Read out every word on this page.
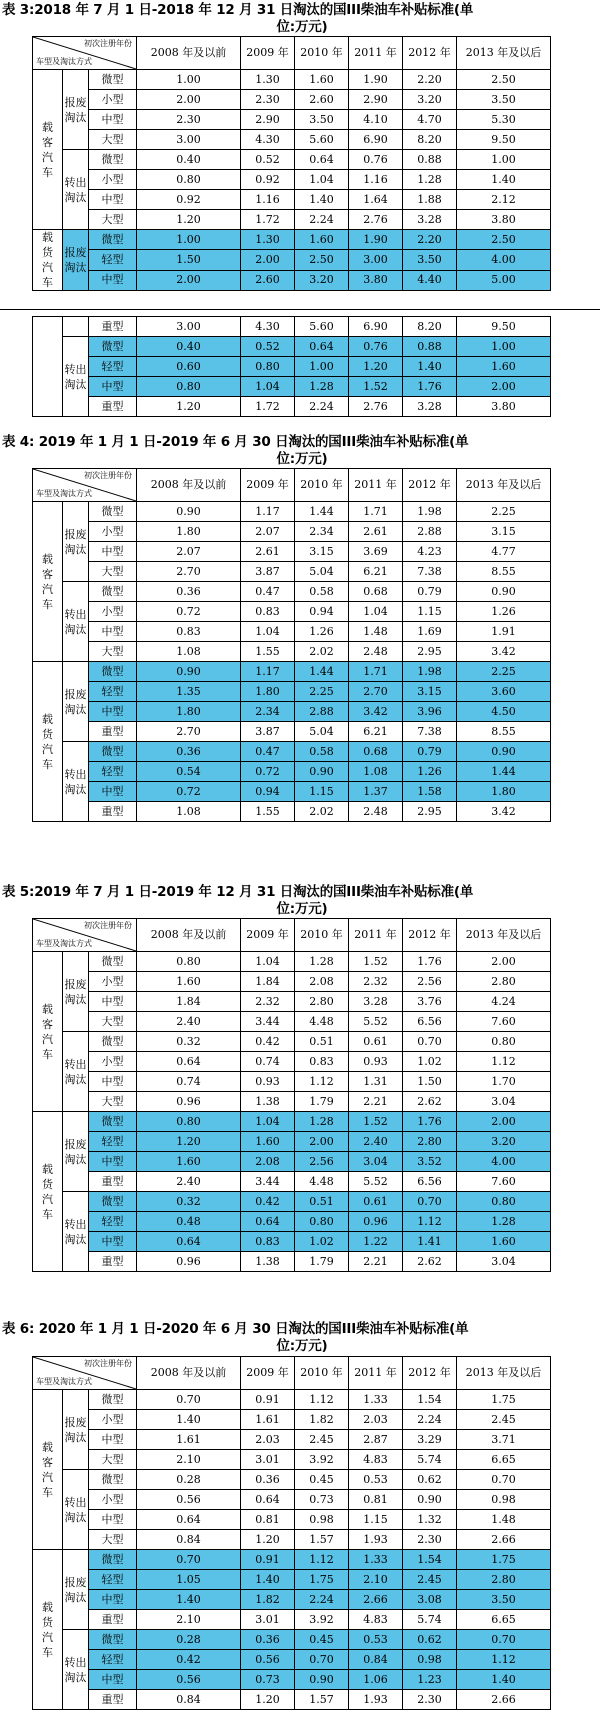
表 3:2018 年 7 月 1 日-2018 年 12 月 31 日淘汰的国III柴油车补贴标准(单
位:万元)
初次注册年份
车型及淘汰方式			2008 年及以前	2009 年	2010 年	2011 年	2012 年	2013 年及以后
载
客
汽
车	报废
淘汰	微型	1.00	1.30	1.60	1.90	2.20	2.50
		小型	2.00	2.30	2.60	2.90	3.20	3.50
		中型	2.30	2.90	3.50	4.10	4.70	5.30
		大型	3.00	4.30	5.60	6.90	8.20	9.50
	转出
淘汰	微型	0.40	0.52	0.64	0.76	0.88	1.00
		小型	0.80	0.92	1.04	1.16	1.28	1.40
		中型	0.92	1.16	1.40	1.64	1.88	2.12
		大型	1.20	1.72	2.24	2.76	3.28	3.80
载
货
汽
车	报废
淘汰	微型	1.00	1.30	1.60	1.90	2.20	2.50
		轻型	1.50	2.00	2.50	3.00	3.50	4.00
		中型	2.00	2.60	3.20	3.80	4.40	5.00
		重型	3.00	4.30	5.60	6.90	8.20	9.50
	转出
淘汰	微型	0.40	0.52	0.64	0.76	0.88	1.00
		轻型	0.60	0.80	1.00	1.20	1.40	1.60
		中型	0.80	1.04	1.28	1.52	1.76	2.00
		重型	1.20	1.72	2.24	2.76	3.28	3.80
表 4: 2019 年 1 月 1 日-2019 年 6 月 30 日淘汰的国III柴油车补贴标准(单
位:万元)
初次注册年份
车型及淘汰方式			2008 年及以前	2009 年	2010 年	2011 年	2012 年	2013 年及以后
载
客
汽
车	报废
淘汰	微型	0.90	1.17	1.44	1.71	1.98	2.25
		小型	1.80	2.07	2.34	2.61	2.88	3.15
		中型	2.07	2.61	3.15	3.69	4.23	4.77
		大型	2.70	3.87	5.04	6.21	7.38	8.55
	转出
淘汰	微型	0.36	0.47	0.58	0.68	0.79	0.90
		小型	0.72	0.83	0.94	1.04	1.15	1.26
		中型	0.83	1.04	1.26	1.48	1.69	1.91
		大型	1.08	1.55	2.02	2.48	2.95	3.42
载
货
汽
车	报废
淘汰	微型	0.90	1.17	1.44	1.71	1.98	2.25
		轻型	1.35	1.80	2.25	2.70	3.15	3.60
		中型	1.80	2.34	2.88	3.42	3.96	4.50
		重型	2.70	3.87	5.04	6.21	7.38	8.55
	转出
淘汰	微型	0.36	0.47	0.58	0.68	0.79	0.90
		轻型	0.54	0.72	0.90	1.08	1.26	1.44
		中型	0.72	0.94	1.15	1.37	1.58	1.80
		重型	1.08	1.55	2.02	2.48	2.95	3.42
表 5:2019 年 7 月 1 日-2019 年 12 月 31 日淘汰的国III柴油车补贴标准(单
位:万元)
初次注册年份
车型及淘汰方式			2008 年及以前	2009 年	2010 年	2011 年	2012 年	2013 年及以后
载
客
汽
车	报废
淘汰	微型	0.80	1.04	1.28	1.52	1.76	2.00
		小型	1.60	1.84	2.08	2.32	2.56	2.80
		中型	1.84	2.32	2.80	3.28	3.76	4.24
		大型	2.40	3.44	4.48	5.52	6.56	7.60
	转出
淘汰	微型	0.32	0.42	0.51	0.61	0.70	0.80
		小型	0.64	0.74	0.83	0.93	1.02	1.12
		中型	0.74	0.93	1.12	1.31	1.50	1.70
		大型	0.96	1.38	1.79	2.21	2.62	3.04
载
货
汽
车	报废
淘汰	微型	0.80	1.04	1.28	1.52	1.76	2.00
		轻型	1.20	1.60	2.00	2.40	2.80	3.20
		中型	1.60	2.08	2.56	3.04	3.52	4.00
		重型	2.40	3.44	4.48	5.52	6.56	7.60
	转出
淘汰	微型	0.32	0.42	0.51	0.61	0.70	0.80
		轻型	0.48	0.64	0.80	0.96	1.12	1.28
		中型	0.64	0.83	1.02	1.22	1.41	1.60
		重型	0.96	1.38	1.79	2.21	2.62	3.04
表 6: 2020 年 1 月 1 日-2020 年 6 月 30 日淘汰的国III柴油车补贴标准(单
位:万元)
初次注册年份
车型及淘汰方式			2008 年及以前	2009 年	2010 年	2011 年	2012 年	2013 年及以后
载
客
汽
车	报废
淘汰	微型	0.70	0.91	1.12	1.33	1.54	1.75
		小型	1.40	1.61	1.82	2.03	2.24	2.45
		中型	1.61	2.03	2.45	2.87	3.29	3.71
		大型	2.10	3.01	3.92	4.83	5.74	6.65
	转出
淘汰	微型	0.28	0.36	0.45	0.53	0.62	0.70
		小型	0.56	0.64	0.73	0.81	0.90	0.98
		中型	0.64	0.81	0.98	1.15	1.32	1.48
		大型	0.84	1.20	1.57	1.93	2.30	2.66
载
货
汽
车	报废
淘汰	微型	0.70	0.91	1.12	1.33	1.54	1.75
		轻型	1.05	1.40	1.75	2.10	2.45	2.80
		中型	1.40	1.82	2.24	2.66	3.08	3.50
		重型	2.10	3.01	3.92	4.83	5.74	6.65
	转出
淘汰	微型	0.28	0.36	0.45	0.53	0.62	0.70
		轻型	0.42	0.56	0.70	0.84	0.98	1.12
		中型	0.56	0.73	0.90	1.06	1.23	1.40
		重型	0.84	1.20	1.57	1.93	2.30	2.66
